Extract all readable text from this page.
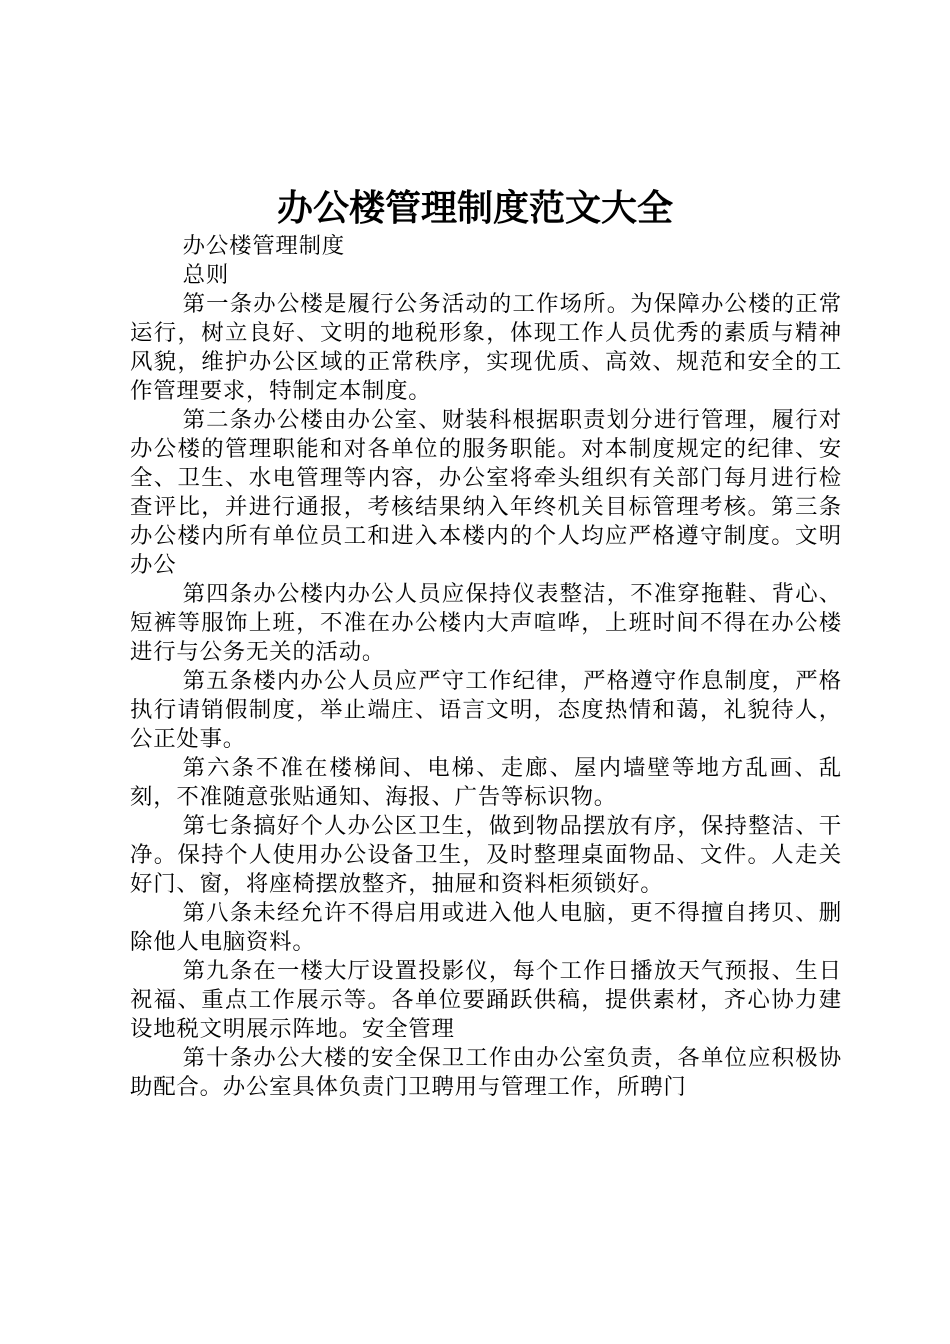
办公楼管理制度范文大全

办公楼管理制度

总则

第一条办公楼是履行公务活动的工作场所。为保障办公楼的正常运行，树立良好、文明的地税形象，体现工作人员优秀的素质与精神风貌，维护办公区域的正常秩序，实现优质、高效、规范和安全的工作管理要求，特制定本制度。

第二条办公楼由办公室、财装科根据职责划分进行管理，履行对办公楼的管理职能和对各单位的服务职能。对本制度规定的纪律、安全、卫生、水电管理等内容，办公室将牵头组织有关部门每月进行检查评比，并进行通报，考核结果纳入年终机关目标管理考核。第三条办公楼内所有单位员工和进入本楼内的个人均应严格遵守制度。文明办公

第四条办公楼内办公人员应保持仪表整洁，不准穿拖鞋、背心、短裤等服饰上班，不准在办公楼内大声喧哗，上班时间不得在办公楼进行与公务无关的活动。

第五条楼内办公人员应严守工作纪律，严格遵守作息制度，严格执行请销假制度，举止端庄、语言文明，态度热情和蔼，礼貌待人，公正处事。

第六条不准在楼梯间、电梯、走廊、屋内墙壁等地方乱画、乱刻，不准随意张贴通知、海报、广告等标识物。

第七条搞好个人办公区卫生，做到物品摆放有序，保持整洁、干净。保持个人使用办公设备卫生，及时整理桌面物品、文件。人走关好门、窗，将座椅摆放整齐，抽屉和资料柜须锁好。

第八条未经允许不得启用或进入他人电脑，更不得擅自拷贝、删除他人电脑资料。

第九条在一楼大厅设置投影仪，每个工作日播放天气预报、生日祝福、重点工作展示等。各单位要踊跃供稿，提供素材，齐心协力建设地税文明展示阵地。安全管理

第十条办公大楼的安全保卫工作由办公室负责，各单位应积极协助配合。办公室具体负责门卫聘用与管理工作，所聘门
